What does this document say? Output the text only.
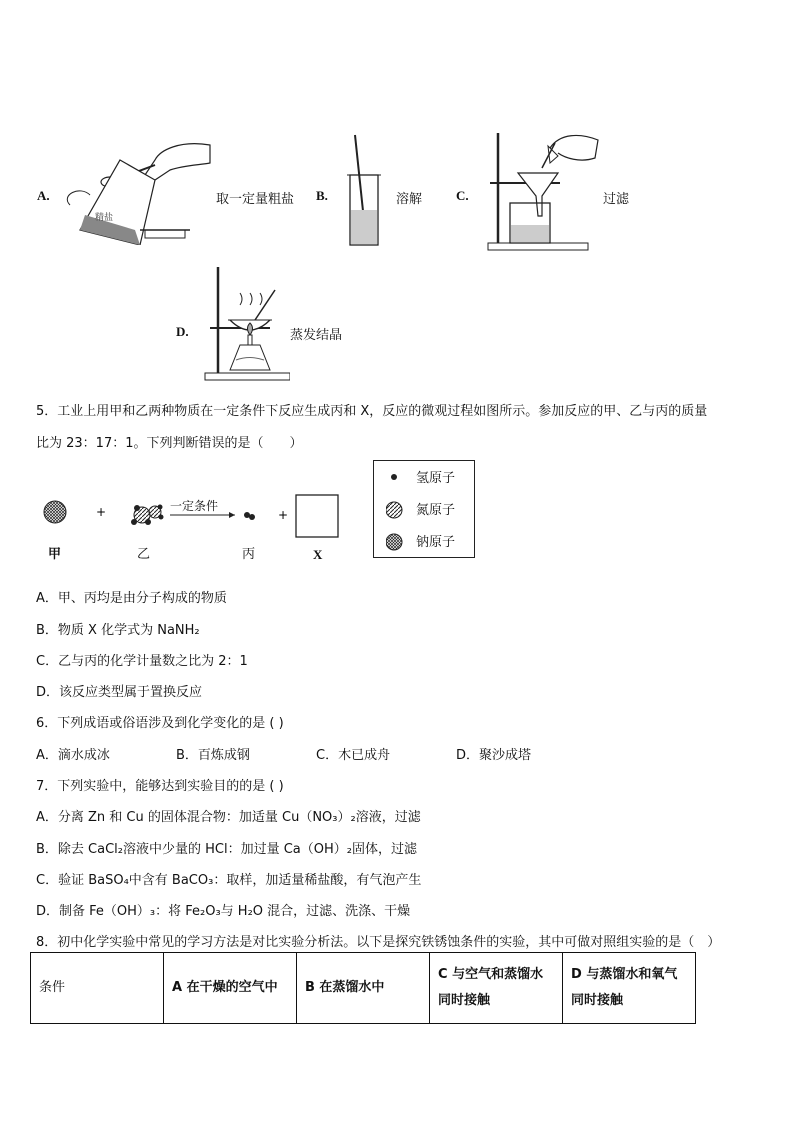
A.
精盐
取一定量粗盐 B.	溶解	C.	过滤
D.	蒸发结晶
5．工业上用甲和乙两种物质在一定条件下反应生成丙和 X，反应的微观过程如图所示。参加反应的甲、乙与丙的质量
比为 23：17：1。下列判断错误的是（　　）
+	+
一定条件
甲	乙	丙	X
氢原子
氮原子
钠原子
A．甲、丙均是由分子构成的物质
B．物质 X 化学式为 NaNH₂
C．乙与丙的化学计量数之比为 2：1
D．该反应类型属于置换反应
6．下列成语或俗语涉及到化学变化的是 ( )
A．滴水成冰	B．百炼成钢	C．木已成舟	D．聚沙成塔
7．下列实验中，能够达到实验目的的是 ( )
A．分离 Zn 和 Cu 的固体混合物：加适量 Cu（NO₃）₂溶液，过滤
B．除去 CaCl₂溶液中少量的 HCl：加过量 Ca（OH）₂固体，过滤
C．验证 BaSO₄中含有 BaCO₃：取样，加适量稀盐酸，有气泡产生
D．制备 Fe（OH）₃：将 Fe₂O₃与 H₂O 混合，过滤、洗涤、干燥
8．初中化学实验中常见的学习方法是对比实验分析法。以下是探究铁锈蚀条件的实验，其中可做对照组实验的是（　）
条件	A 在干燥的空气中	B 在蒸馏水中	C 与空气和蒸馏水同时接触	D 与蒸馏水和氧气同时接触
